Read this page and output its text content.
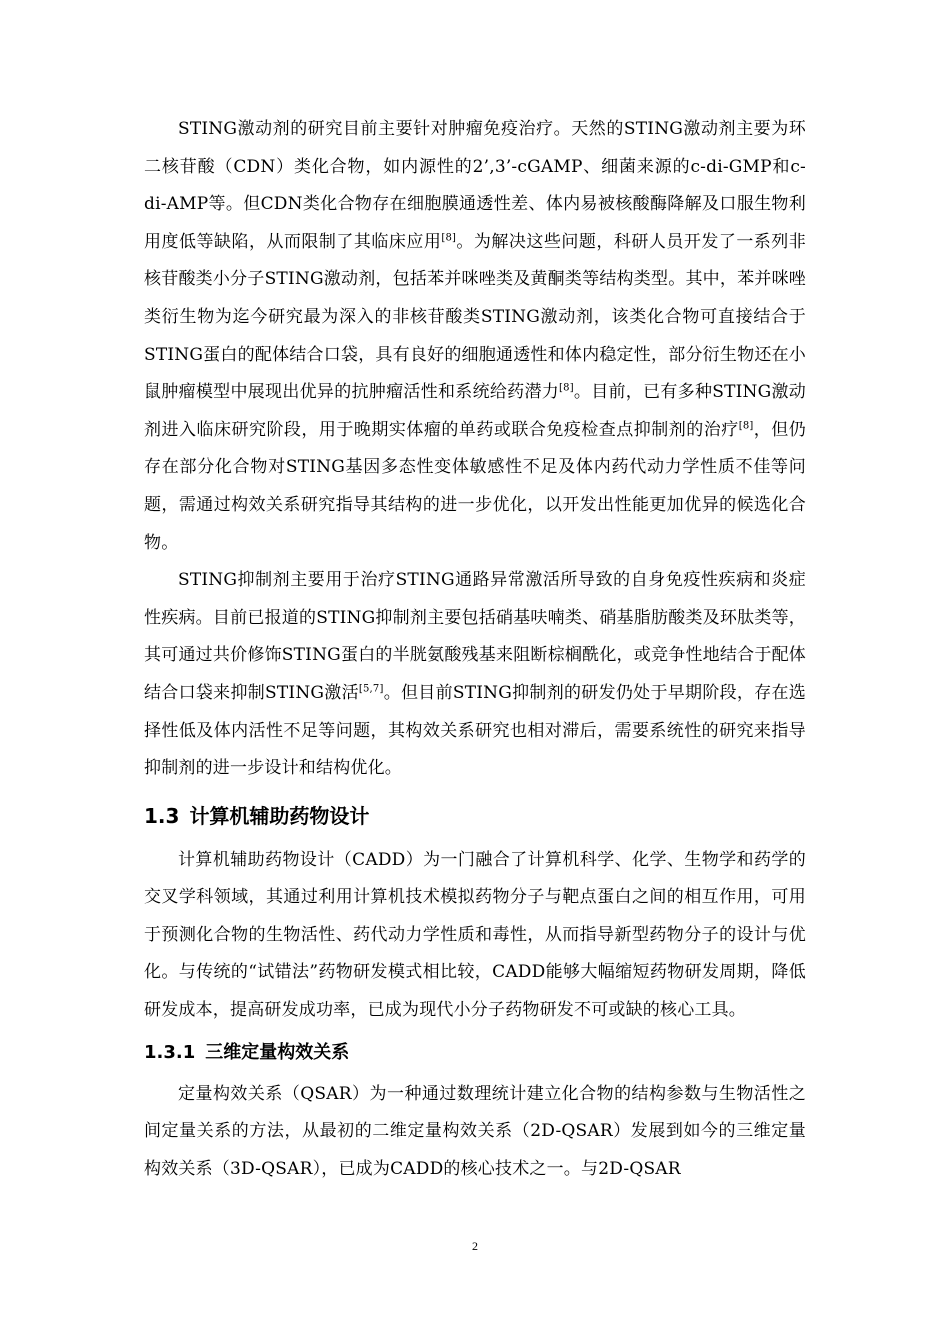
STING激动剂的研究目前主要针对肿瘤免疫治疗。天然的STING激动剂主要为环二核苷酸（CDN）类化合物，如内源性的2’,3’-cGAMP、细菌来源的c-di-GMP和c-di-AMP等。但CDN类化合物存在细胞膜通透性差、体内易被核酸酶降解及口服生物利用度低等缺陷，从而限制了其临床应用[8]。为解决这些问题，科研人员开发了一系列非核苷酸类小分子STING激动剂，包括苯并咪唑类及黄酮类等结构类型。其中，苯并咪唑类衍生物为迄今研究最为深入的非核苷酸类STING激动剂，该类化合物可直接结合于STING蛋白的配体结合口袋，具有良好的细胞通透性和体内稳定性，部分衍生物还在小鼠肿瘤模型中展现出优异的抗肿瘤活性和系统给药潜力[8]。目前，已有多种STING激动剂进入临床研究阶段，用于晚期实体瘤的单药或联合免疫检查点抑制剂的治疗[8]，但仍存在部分化合物对STING基因多态性变体敏感性不足及体内药代动力学性质不佳等问题，需通过构效关系研究指导其结构的进一步优化，以开发出性能更加优异的候选化合物。

STING抑制剂主要用于治疗STING通路异常激活所导致的自身免疫性疾病和炎症性疾病。目前已报道的STING抑制剂主要包括硝基呋喃类、硝基脂肪酸类及环肽类等，其可通过共价修饰STING蛋白的半胱氨酸残基来阻断棕榈酰化，或竞争性地结合于配体结合口袋来抑制STING激活[5,7]。但目前STING抑制剂的研发仍处于早期阶段，存在选择性低及体内活性不足等问题，其构效关系研究也相对滞后，需要系统性的研究来指导抑制剂的进一步设计和结构优化。

1.3 计算机辅助药物设计

计算机辅助药物设计（CADD）为一门融合了计算机科学、化学、生物学和药学的交叉学科领域，其通过利用计算机技术模拟药物分子与靶点蛋白之间的相互作用，可用于预测化合物的生物活性、药代动力学性质和毒性，从而指导新型药物分子的设计与优化。与传统的“试错法”药物研发模式相比较，CADD能够大幅缩短药物研发周期，降低研发成本，提高研发成功率，已成为现代小分子药物研发不可或缺的核心工具。

1.3.1 三维定量构效关系

定量构效关系（QSAR）为一种通过数理统计建立化合物的结构参数与生物活性之间定量关系的方法，从最初的二维定量构效关系（2D-QSAR）发展到如今的三维定量构效关系（3D-QSAR），已成为CADD的核心技术之一。与2D-QSAR

2
